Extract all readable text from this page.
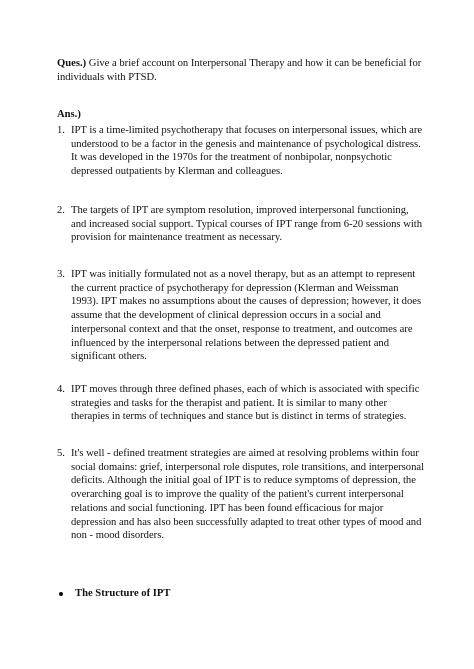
Ques.) Give a brief account on Interpersonal Therapy and how it can be beneficial for
individuals with PTSD.
Ans.)
1. IPT is a time-limited psychotherapy that focuses on interpersonal issues, which are
understood to be a factor in the genesis and maintenance of psychological distress.
It was developed in the 1970s for the treatment of nonbipolar, nonpsychotic
depressed outpatients by Klerman and colleagues.
2. The targets of IPT are symptom resolution, improved interpersonal functioning,
and increased social support. Typical courses of IPT range from 6-20 sessions with
provision for maintenance treatment as necessary.
3. IPT was initially formulated not as a novel therapy, but as an attempt to represent
the current practice of psychotherapy for depression (Klerman and Weissman
1993). IPT makes no assumptions about the causes of depression; however, it does
assume that the development of clinical depression occurs in a social and
interpersonal context and that the onset, response to treatment, and outcomes are
influenced by the interpersonal relations between the depressed patient and
significant others.
4. IPT moves through three defined phases, each of which is associated with specific
strategies and tasks for the therapist and patient. It is similar to many other
therapies in terms of techniques and stance but is distinct in terms of strategies.
5. It's well - defined treatment strategies are aimed at resolving problems within four
social domains: grief, interpersonal role disputes, role transitions, and interpersonal
deficits. Although the initial goal of IPT is to reduce symptoms of depression, the
overarching goal is to improve the quality of the patient's current interpersonal
relations and social functioning. IPT has been found efficacious for major
depression and has also been successfully adapted to treat other types of mood and
non - mood disorders.
The Structure of IPT
